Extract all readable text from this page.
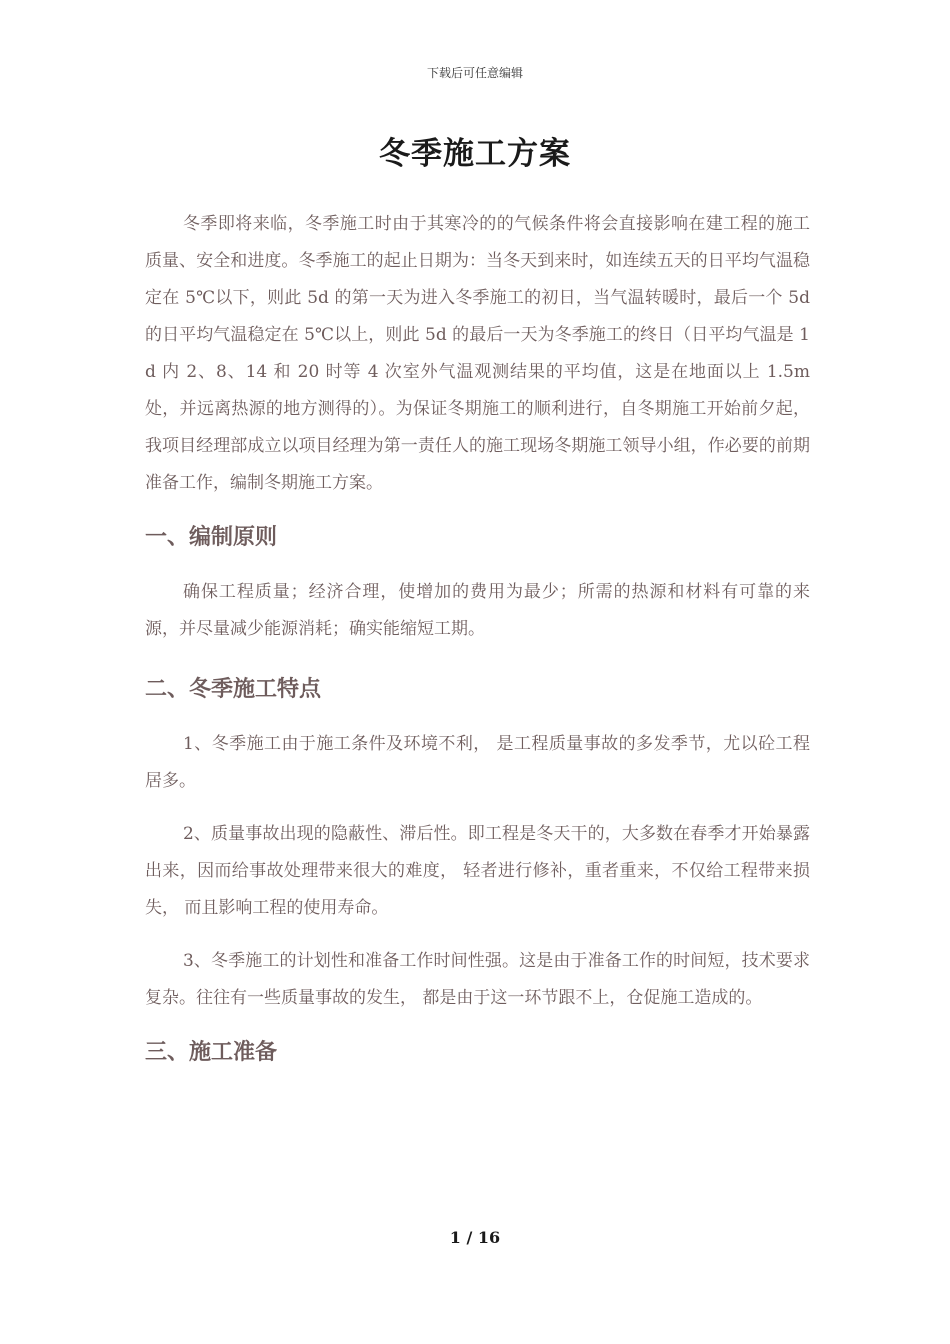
下载后可任意编辑
冬季施工方案

冬季即将来临，冬季施工时由于其寒冷的的气候条件将会直接影响在建工程的施工质量、安全和进度。冬季施工的起止日期为：当冬天到来时，如连续五天的日平均气温稳定在 5℃以下，则此 5d 的第一天为进入冬季施工的初日，当气温转暖时，最后一个 5d 的日平均气温稳定在 5℃以上，则此 5d 的最后一天为冬季施工的终日（日平均气温是 1d 内 2、8、14 和 20 时等 4 次室外气温观测结果的平均值，这是在地面以上 1.5m 处，并远离热源的地方测得的）。为保证冬期施工的顺利进行，自冬期施工开始前夕起，我项目经理部成立以项目经理为第一责任人的施工现场冬期施工领导小组，作必要的前期准备工作，编制冬期施工方案。

一、编制原则

确保工程质量；经济合理，使增加的费用为最少；所需的热源和材料有可靠的来源，并尽量减少能源消耗；确实能缩短工期。

二、冬季施工特点

1、冬季施工由于施工条件及环境不利， 是工程质量事故的多发季节，尤以砼工程居多。

2、质量事故出现的隐蔽性、滞后性。即工程是冬天干的，大多数在春季才开始暴露出来，因而给事故处理带来很大的难度， 轻者进行修补，重者重来，不仅给工程带来损失， 而且影响工程的使用寿命。

3、冬季施工的计划性和准备工作时间性强。这是由于准备工作的时间短，技术要求复杂。往往有一些质量事故的发生， 都是由于这一环节跟不上，仓促施工造成的。

三、施工准备
1 / 16
